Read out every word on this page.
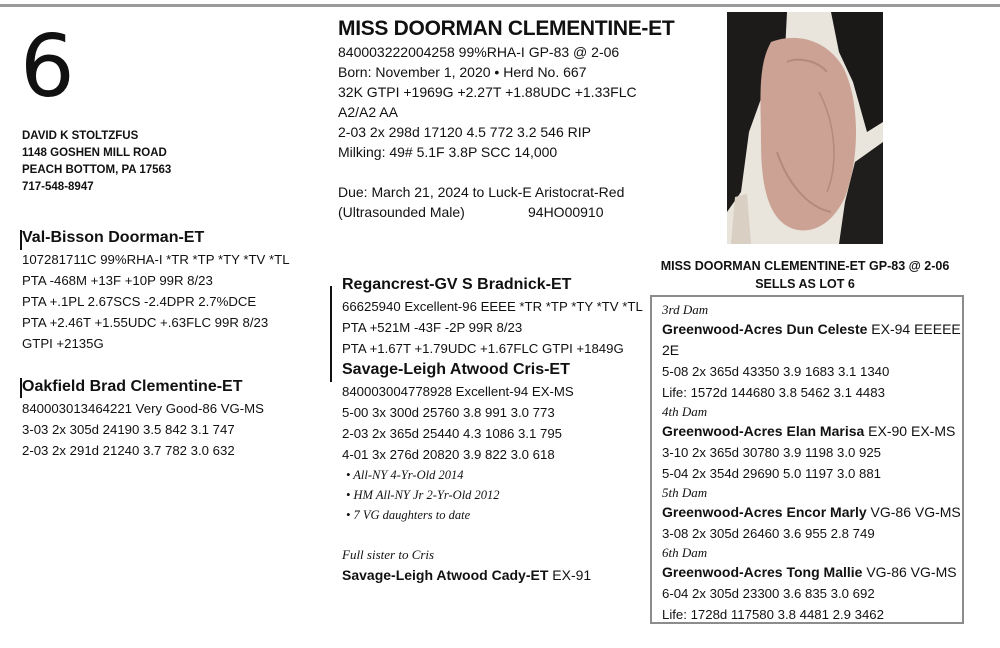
6
DAVID K STOLTZFUS
1148 GOSHEN MILL ROAD
PEACH BOTTOM, PA 17563
717-548-8947
MISS DOORMAN CLEMENTINE-ET
840003222004258 99%RHA-I GP-83 @ 2-06
Born: November 1, 2020 • Herd No. 667
32K GTPI +1969G +2.27T +1.88UDC +1.33FLC
A2/A2 AA
2-03 2x 298d 17120 4.5 772 3.2 546 RIP
Milking: 49# 5.1F 3.8P SCC 14,000
Due: March 21, 2024 to Luck-E Aristocrat-Red
(Ultrasounded Male)	94HO00910
Val-Bisson Doorman-ET
107281711C 99%RHA-I *TR *TP *TY *TV *TL
PTA -468M +13F +10P 99R 8/23
PTA +.1PL 2.67SCS -2.4DPR 2.7%DCE
PTA +2.46T +1.55UDC +.63FLC 99R 8/23
GTPI +2135G
Oakfield Brad Clementine-ET
840003013464221 Very Good-86 VG-MS
3-03 2x 305d 24190 3.5 842 3.1 747
2-03 2x 291d 21240 3.7 782 3.0 632
Regancrest-GV S Bradnick-ET
66625940 Excellent-96 EEEE *TR *TP *TY *TV *TL
PTA +521M -43F -2P 99R 8/23
PTA +1.67T +1.79UDC +1.67FLC GTPI +1849G
Savage-Leigh Atwood Cris-ET
840003004778928 Excellent-94 EX-MS
5-00 3x 300d 25760 3.8 991 3.0 773
2-03 2x 365d 25440 4.3 1086 3.1 795
4-01 3x 276d 20820 3.9 822 3.0 618
• All-NY 4-Yr-Old 2014
• HM All-NY Jr 2-Yr-Old 2012
• 7 VG daughters to date
Full sister to Cris
Savage-Leigh Atwood Cady-ET EX-91
MISS DOORMAN CLEMENTINE-ET GP-83 @ 2-06
SELLS AS LOT 6
3rd Dam
Greenwood-Acres Dun Celeste EX-94 EEEEE 2E
5-08 2x 365d 43350 3.9 1683 3.1 1340
Life: 1572d 144680 3.8 5462 3.1 4483
4th Dam
Greenwood-Acres Elan Marisa EX-90 EX-MS
3-10 2x 365d 30780 3.9 1198 3.0 925
5-04 2x 354d 29690 5.0 1197 3.0 881
5th Dam
Greenwood-Acres Encor Marly VG-86 VG-MS
3-08 2x 305d 26460 3.6 955 2.8 749
6th Dam
Greenwood-Acres Tong Mallie VG-86 VG-MS
6-04 2x 305d 23300 3.6 835 3.0 692
Life: 1728d 117580 3.8 4481 2.9 3462
